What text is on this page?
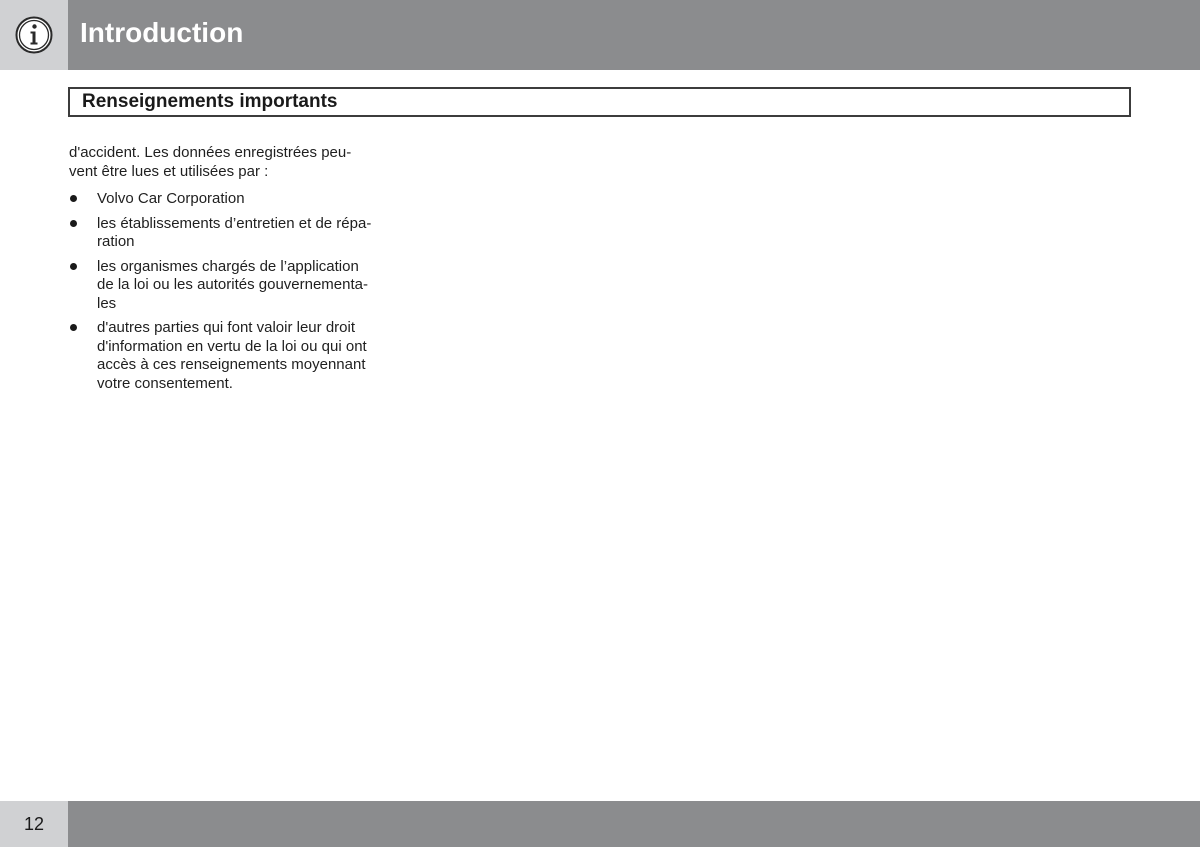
Introduction
Renseignements importants

d'accident. Les données enregistrées peu-
vent être lues et utilisées par :

Volvo Car Corporation
les établissements d’entretien et de répa-
ration
les organismes chargés de l’application
de la loi ou les autorités gouvernementa-
les
d'autres parties qui font valoir leur droit
d'information en vertu de la loi ou qui ont
accès à ces renseignements moyennant
votre consentement.
12
